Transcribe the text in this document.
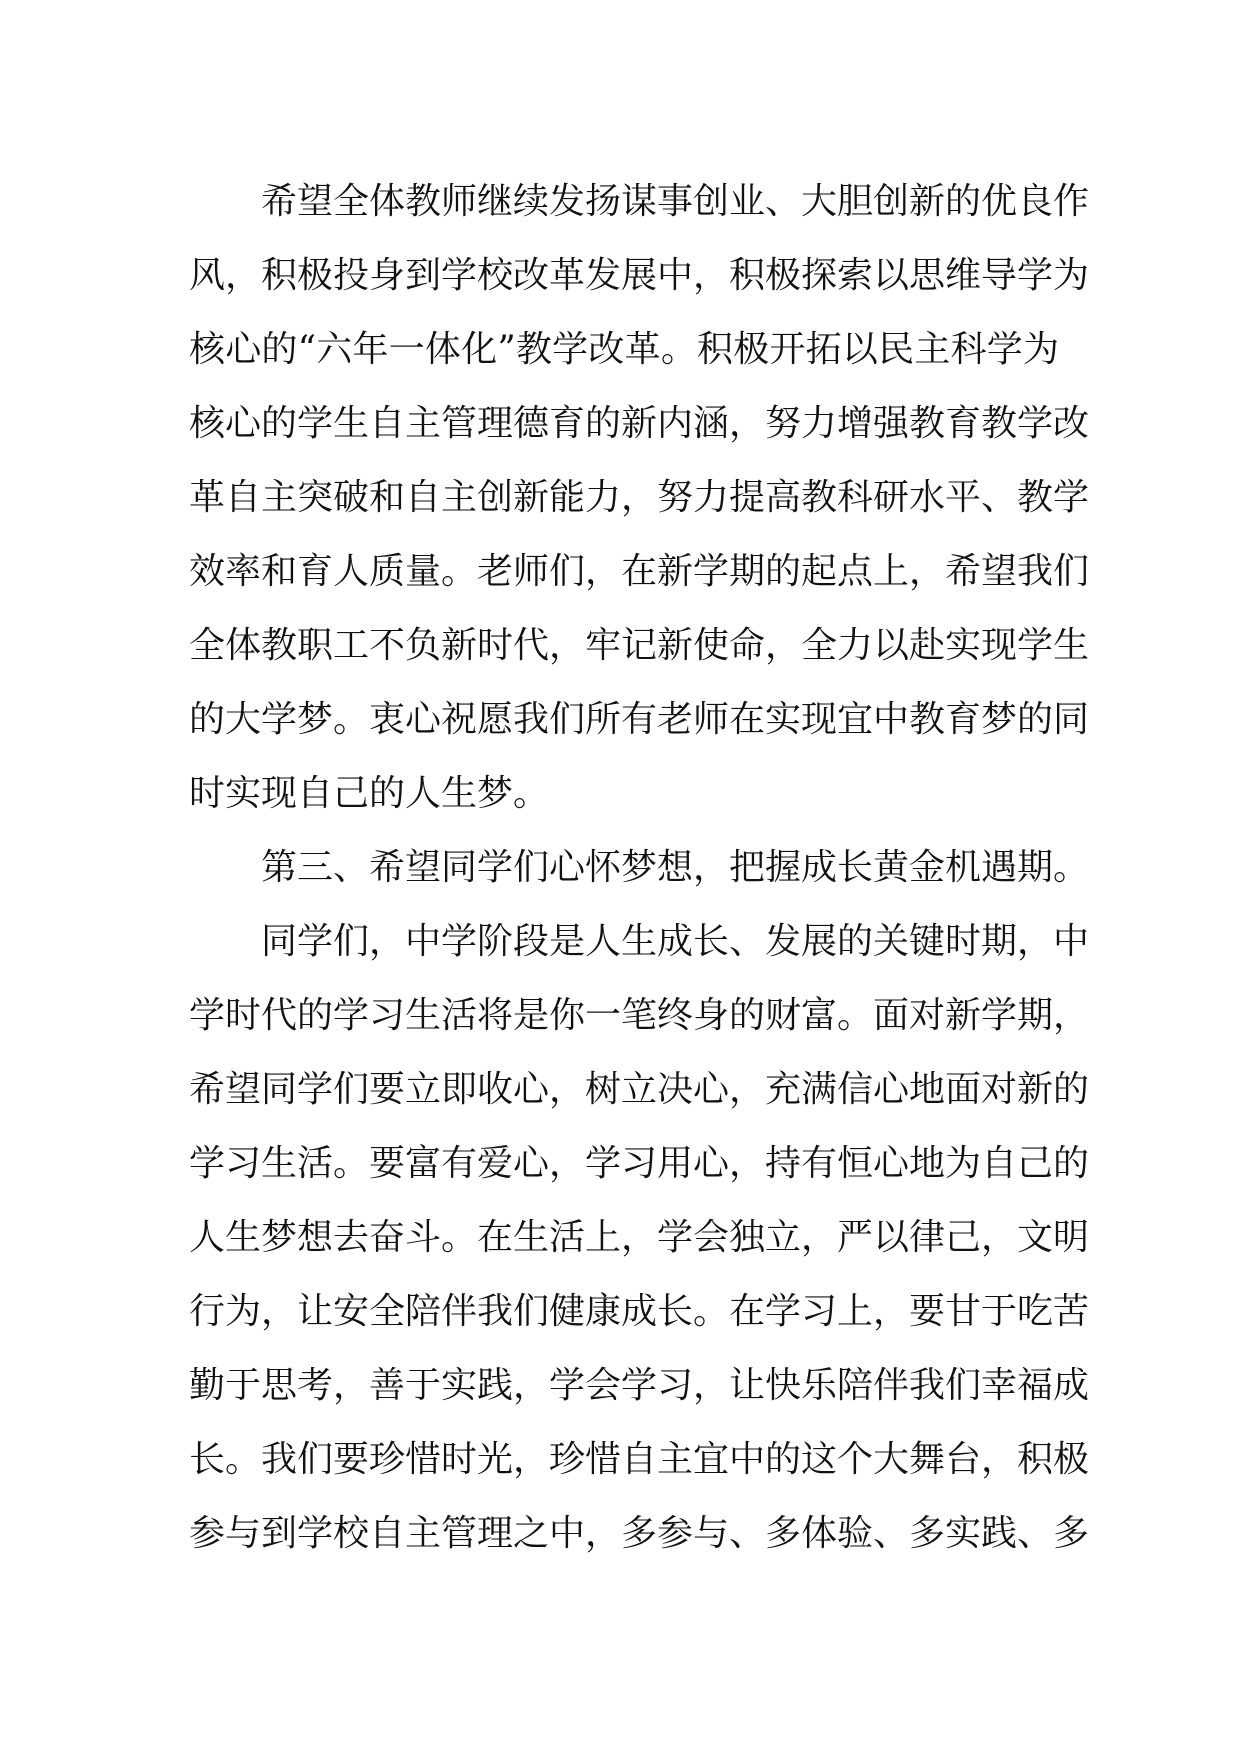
希望全体教师继续发扬谋事创业、大胆创新的优良作
风，积极投身到学校改革发展中，积极探索以思维导学为
核心的“六年一体化”教学改革。积极开拓以民主科学为
核心的学生自主管理德育的新内涵，努力增强教育教学改
革自主突破和自主创新能力，努力提高教科研水平、教学
效率和育人质量。老师们，在新学期的起点上，希望我们
全体教职工不负新时代，牢记新使命，全力以赴实现学生
的大学梦。衷心祝愿我们所有老师在实现宜中教育梦的同
时实现自己的人生梦。
第三、希望同学们心怀梦想，把握成长黄金机遇期。
同学们，中学阶段是人生成长、发展的关键时期，中
学时代的学习生活将是你一笔终身的财富。面对新学期，
希望同学们要立即收心，树立决心，充满信心地面对新的
学习生活。要富有爱心，学习用心，持有恒心地为自己的
人生梦想去奋斗。在生活上，学会独立，严以律己，文明
行为，让安全陪伴我们健康成长。在学习上，要甘于吃苦
勤于思考，善于实践，学会学习，让快乐陪伴我们幸福成
长。我们要珍惜时光，珍惜自主宜中的这个大舞台，积极
参与到学校自主管理之中，多参与、多体验、多实践、多
